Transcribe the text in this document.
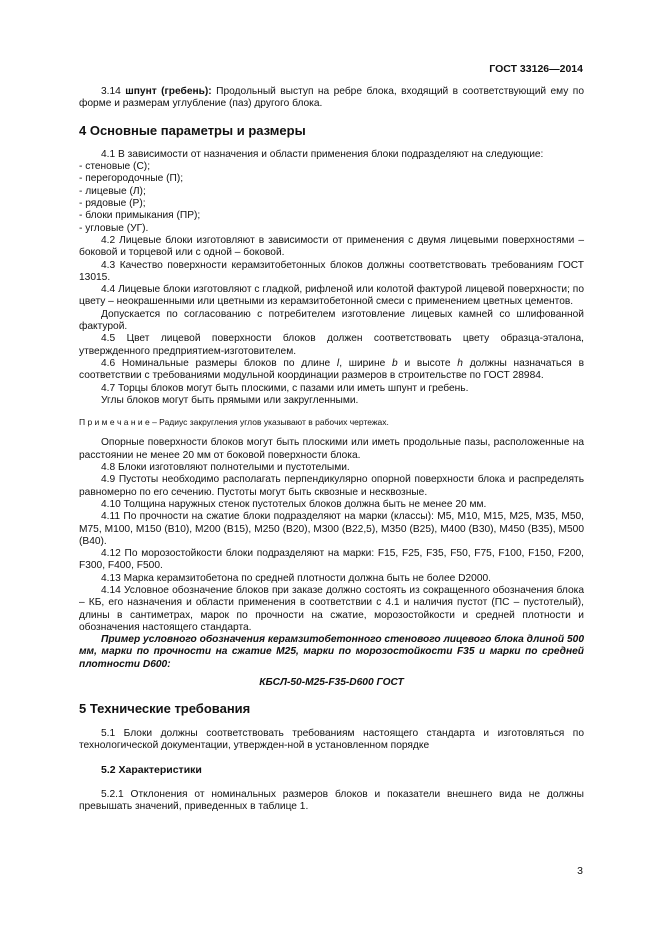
ГОСТ 33126—2014

3.14 шпунт (гребень): Продольный выступ на ребре блока, входящий в соответствующий ему по форме и размерам углубление (паз) другого блока.

4 Основные параметры и размеры

4.1 В зависимости от назначения и области применения блоки подразделяют на следующие:

- стеновые (С);
- перегородочные (П);
- лицевые (Л);
- рядовые (Р);
- блоки примыкания (ПР);
- угловые (УГ).

4.2 Лицевые блоки изготовляют в зависимости от применения с двумя лицевыми поверхностями – боковой и торцевой или с одной – боковой.

4.3 Качество поверхности керамзитобетонных блоков должны соответствовать требованиям ГОСТ 13015.

4.4 Лицевые блоки изготовляют с гладкой, рифленой или колотой фактурой лицевой поверхности; по цвету – неокрашенными или цветными из керамзитобетонной смеси с применением цветных цементов.

Допускается по согласованию с потребителем изготовление лицевых камней со шлифованной фактурой.

4.5 Цвет лицевой поверхности блоков должен соответствовать цвету образца-эталона, утвержденного предприятием-изготовителем.

4.6 Номинальные размеры блоков по длине l, ширине b и высоте h должны назначаться в соответствии с требованиями модульной координации размеров в строительстве по ГОСТ 28984.

4.7 Торцы блоков могут быть плоскими, с пазами или иметь шпунт и гребень.

Углы блоков могут быть прямыми или закругленными.

П р и м е ч а н и е – Радиус закругления углов указывают в рабочих чертежах.

Опорные поверхности блоков могут быть плоскими или иметь продольные пазы, расположенные на расстоянии не менее 20 мм от боковой поверхности блока.

4.8 Блоки изготовляют полнотелыми и пустотелыми.

4.9 Пустоты необходимо располагать перпендикулярно опорной поверхности блока и распределять равномерно по его сечению. Пустоты могут быть сквозные и несквозные.

4.10 Толщина наружных стенок пустотелых блоков должна быть не менее 20 мм.

4.11 По прочности на сжатие блоки подразделяют на марки (классы): М5, М10, М15, М25, М35, М50, М75, М100, М150 (В10), М200 (В15), М250 (В20), М300 (В22,5), М350 (В25), М400 (В30), М450 (В35), М500 (В40).

4.12 По морозостойкости блоки подразделяют на марки: F15, F25, F35, F50, F75, F100, F150, F200, F300, F400, F500.

4.13 Марка керамзитобетона по средней плотности должна быть не более D2000.

4.14 Условное обозначение блоков при заказе должно состоять из сокращенного обозначения блока – КБ, его назначения и области применения в соответствии с 4.1 и наличия пустот (ПС – пустотелый), длины в сантиметрах, марок по прочности на сжатие, морозостойкости и средней плотности и обозначения настоящего стандарта.

Пример условного обозначения керамзитобетонного стенового лицевого блока длиной 500 мм, марки по прочности на сжатие М25, марки по морозостойкости F35 и марки по средней плотности D600:

КБСЛ-50-М25-F35-D600 ГОСТ

5 Технические требования

5.1 Блоки должны соответствовать требованиям настоящего стандарта и изготовляться по технологической документации, утвержден-ной в установленном порядке

5.2 Характеристики

5.2.1 Отклонения от номинальных размеров блоков и показатели внешнего вида не должны превышать значений, приведенных в таблице 1.

3
